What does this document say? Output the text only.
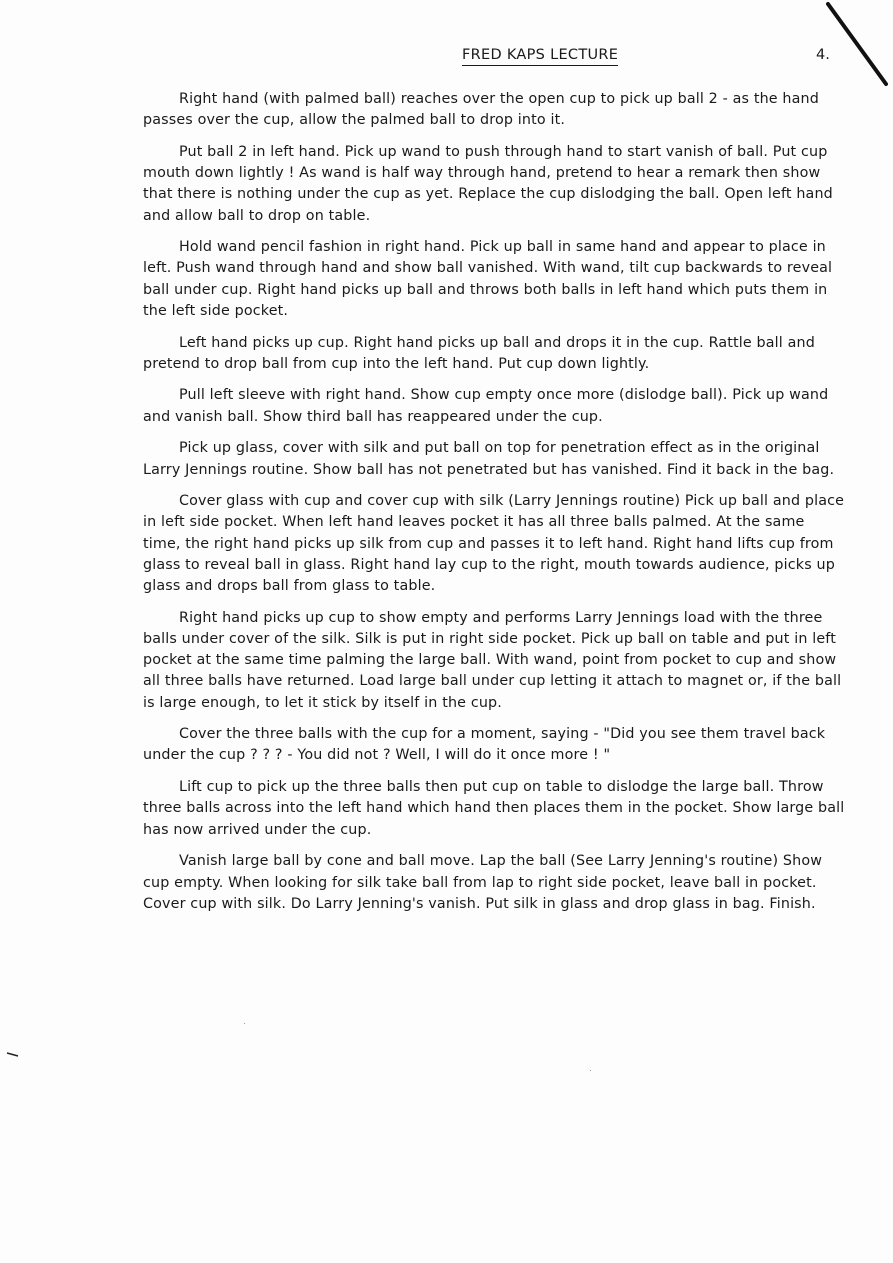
FRED KAPS LECTURE	4.

Right hand (with palmed ball) reaches over the open cup to pick up ball 2 - as the hand passes over the cup, allow the palmed ball to drop into it.

Put ball 2 in left hand. Pick up wand to push through hand to start vanish of ball. Put cup mouth down lightly ! As wand is half way through hand, pretend to hear a remark then show that there is nothing under the cup as yet. Replace the cup dislodging the ball. Open left hand and allow ball to drop on table.

Hold wand pencil fashion in right hand. Pick up ball in same hand and appear to place in left. Push wand through hand and show ball vanished. With wand, tilt cup backwards to reveal ball under cup. Right hand picks up ball and throws both balls in left hand which puts them in the left side pocket.

Left hand picks up cup. Right hand picks up ball and drops it in the cup. Rattle ball and pretend to drop ball from cup into the left hand. Put cup down lightly.

Pull left sleeve with right hand. Show cup empty once more (dislodge ball). Pick up wand and vanish ball. Show third ball has reappeared under the cup.

Pick up glass, cover with silk and put ball on top for penetration effect as in the original Larry Jennings routine. Show ball has not penetrated but has vanished. Find it back in the bag.

Cover glass with cup and cover cup with silk (Larry Jennings routine) Pick up ball and place in left side pocket. When left hand leaves pocket it has all three balls palmed. At the same time, the right hand picks up silk from cup and passes it to left hand. Right hand lifts cup from glass to reveal ball in glass. Right hand lay cup to the right, mouth towards audience, picks up glass and drops ball from glass to table.

Right hand picks up cup to show empty and performs Larry Jennings load with the three balls under cover of the silk. Silk is put in right side pocket. Pick up ball on table and put in left pocket at the same time palming the large ball. With wand, point from pocket to cup and show all three balls have returned. Load large ball under cup letting it attach to magnet or, if the ball is large enough, to let it stick by itself in the cup.

Cover the three balls with the cup for a moment, saying - "Did you see them travel back under the cup ? ? ? - You did not ? Well, I will do it once more ! "

Lift cup to pick up the three balls then put cup on table to dislodge the large ball. Throw three balls across into the left hand which hand then places them in the pocket. Show large ball has now arrived under the cup.

Vanish large ball by cone and ball move. Lap the ball (See Larry Jenning's routine) Show cup empty. When looking for silk take ball from lap to right side pocket, leave ball in pocket. Cover cup with silk. Do Larry Jenning's vanish. Put silk in glass and drop glass in bag. Finish.
